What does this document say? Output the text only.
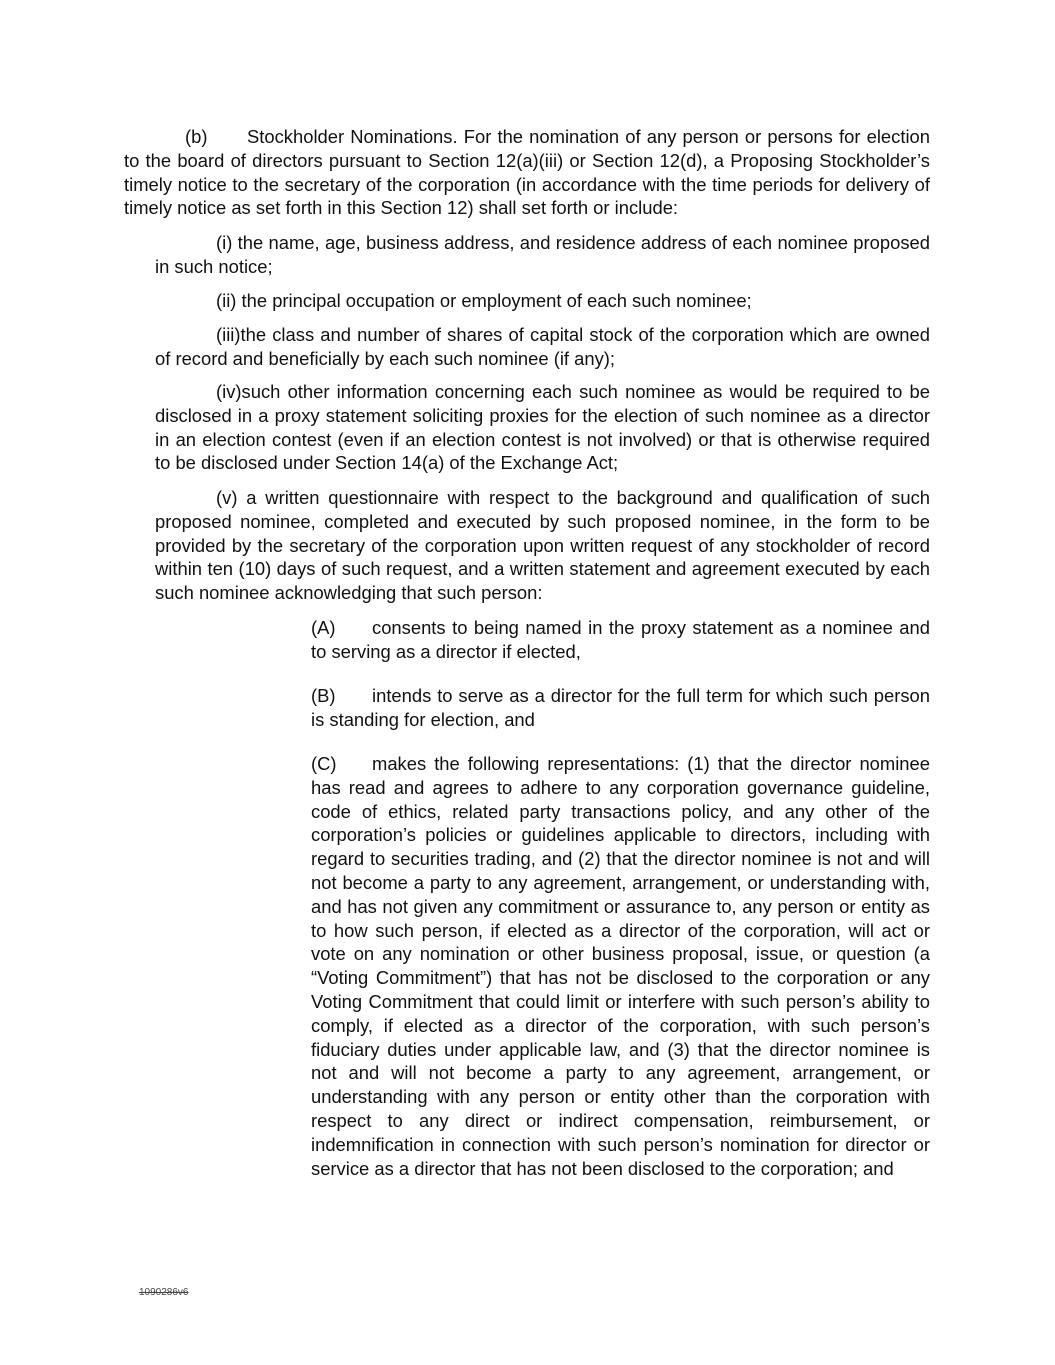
(b) Stockholder Nominations. For the nomination of any person or persons for election to the board of directors pursuant to Section 12(a)(iii) or Section 12(d), a Proposing Stockholder’s timely notice to the secretary of the corporation (in accordance with the time periods for delivery of timely notice as set forth in this Section 12) shall set forth or include:

(i) the name, age, business address, and residence address of each nominee proposed in such notice;

(ii) the principal occupation or employment of each such nominee;

(iii)the class and number of shares of capital stock of the corporation which are owned of record and beneficially by each such nominee (if any);

(iv)such other information concerning each such nominee as would be required to be disclosed in a proxy statement soliciting proxies for the election of such nominee as a director in an election contest (even if an election contest is not involved) or that is otherwise required to be disclosed under Section 14(a) of the Exchange Act;

(v) a written questionnaire with respect to the background and qualification of such proposed nominee, completed and executed by such proposed nominee, in the form to be provided by the secretary of the corporation upon written request of any stockholder of record within ten (10) days of such request, and a written statement and agreement executed by each such nominee acknowledging that such person:

(A) consents to being named in the proxy statement as a nominee and to serving as a director if elected,

(B) intends to serve as a director for the full term for which such person is standing for election, and

(C) makes the following representations: (1) that the director nominee has read and agrees to adhere to any corporation governance guideline, code of ethics, related party transactions policy, and any other of the corporation’s policies or guidelines applicable to directors, including with regard to securities trading, and (2) that the director nominee is not and will not become a party to any agreement, arrangement, or understanding with, and has not given any commitment or assurance to, any person or entity as to how such person, if elected as a director of the corporation, will act or vote on any nomination or other business proposal, issue, or question (a “Voting Commitment”) that has not be disclosed to the corporation or any Voting Commitment that could limit or interfere with such person’s ability to comply, if elected as a director of the corporation, with such person’s fiduciary duties under applicable law, and (3) that the director nominee is not and will not become a party to any agreement, arrangement, or understanding with any person or entity other than the corporation with respect to any direct or indirect compensation, reimbursement, or indemnification in connection with such person’s nomination for director or service as a director that has not been disclosed to the corporation; and

1090286v6
